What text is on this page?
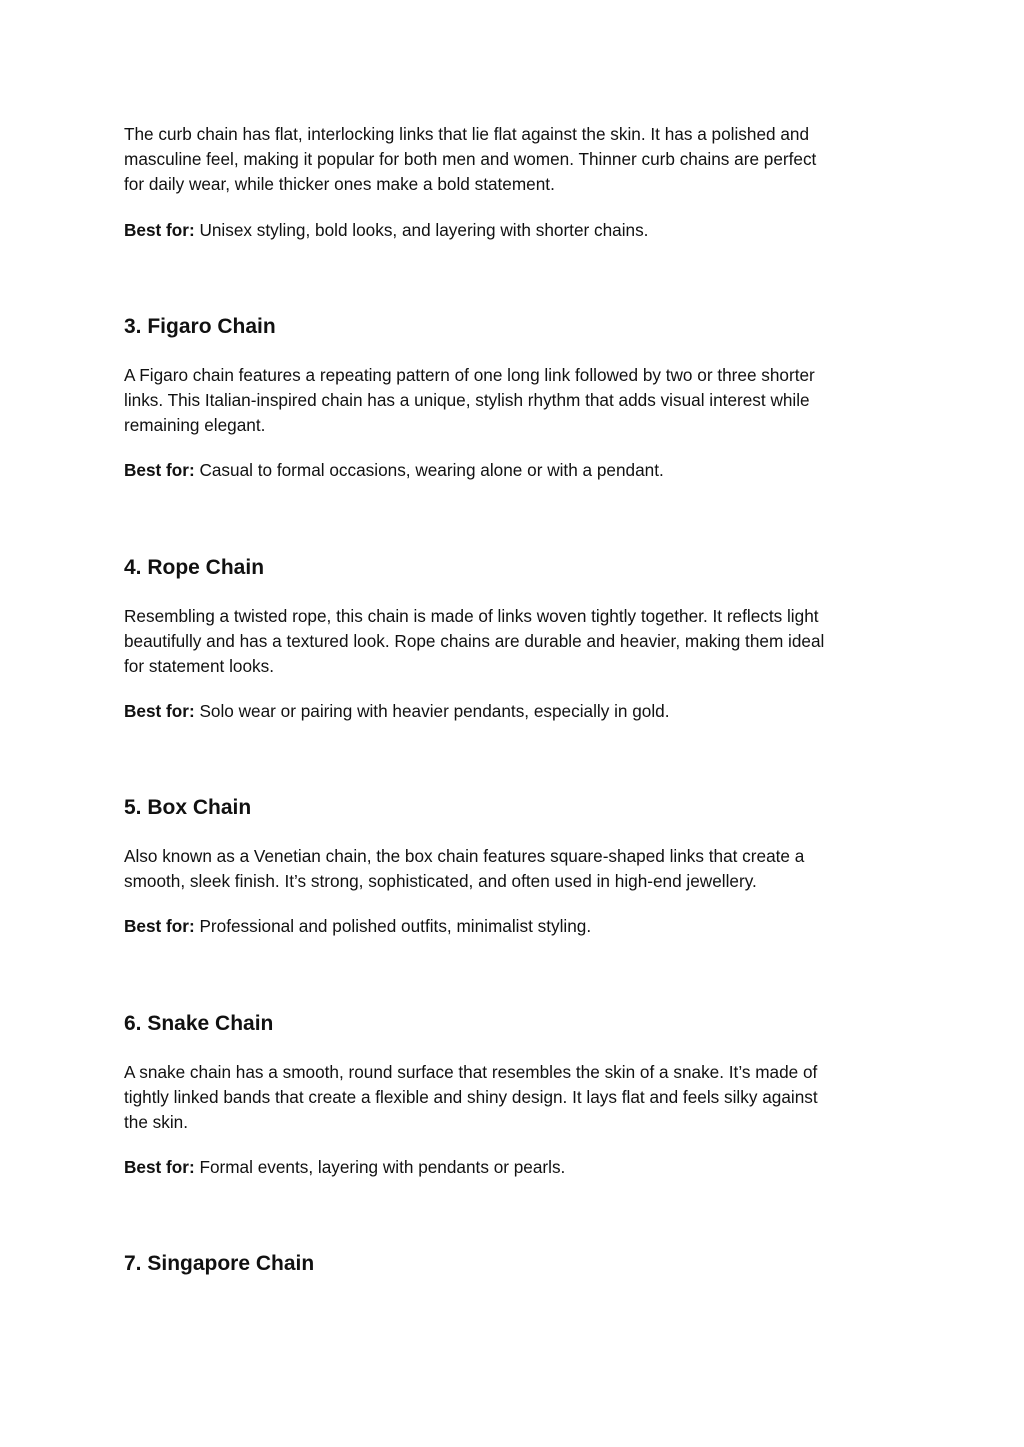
The curb chain has flat, interlocking links that lie flat against the skin. It has a polished and
masculine feel, making it popular for both men and women. Thinner curb chains are perfect
for daily wear, while thicker ones make a bold statement.

Best for: Unisex styling, bold looks, and layering with shorter chains.

3. Figaro Chain

A Figaro chain features a repeating pattern of one long link followed by two or three shorter
links. This Italian-inspired chain has a unique, stylish rhythm that adds visual interest while
remaining elegant.

Best for: Casual to formal occasions, wearing alone or with a pendant.

4. Rope Chain

Resembling a twisted rope, this chain is made of links woven tightly together. It reflects light
beautifully and has a textured look. Rope chains are durable and heavier, making them ideal
for statement looks.

Best for: Solo wear or pairing with heavier pendants, especially in gold.

5. Box Chain

Also known as a Venetian chain, the box chain features square-shaped links that create a
smooth, sleek finish. It’s strong, sophisticated, and often used in high-end jewellery.

Best for: Professional and polished outfits, minimalist styling.

6. Snake Chain

A snake chain has a smooth, round surface that resembles the skin of a snake. It’s made of
tightly linked bands that create a flexible and shiny design. It lays flat and feels silky against
the skin.

Best for: Formal events, layering with pendants or pearls.

7. Singapore Chain
